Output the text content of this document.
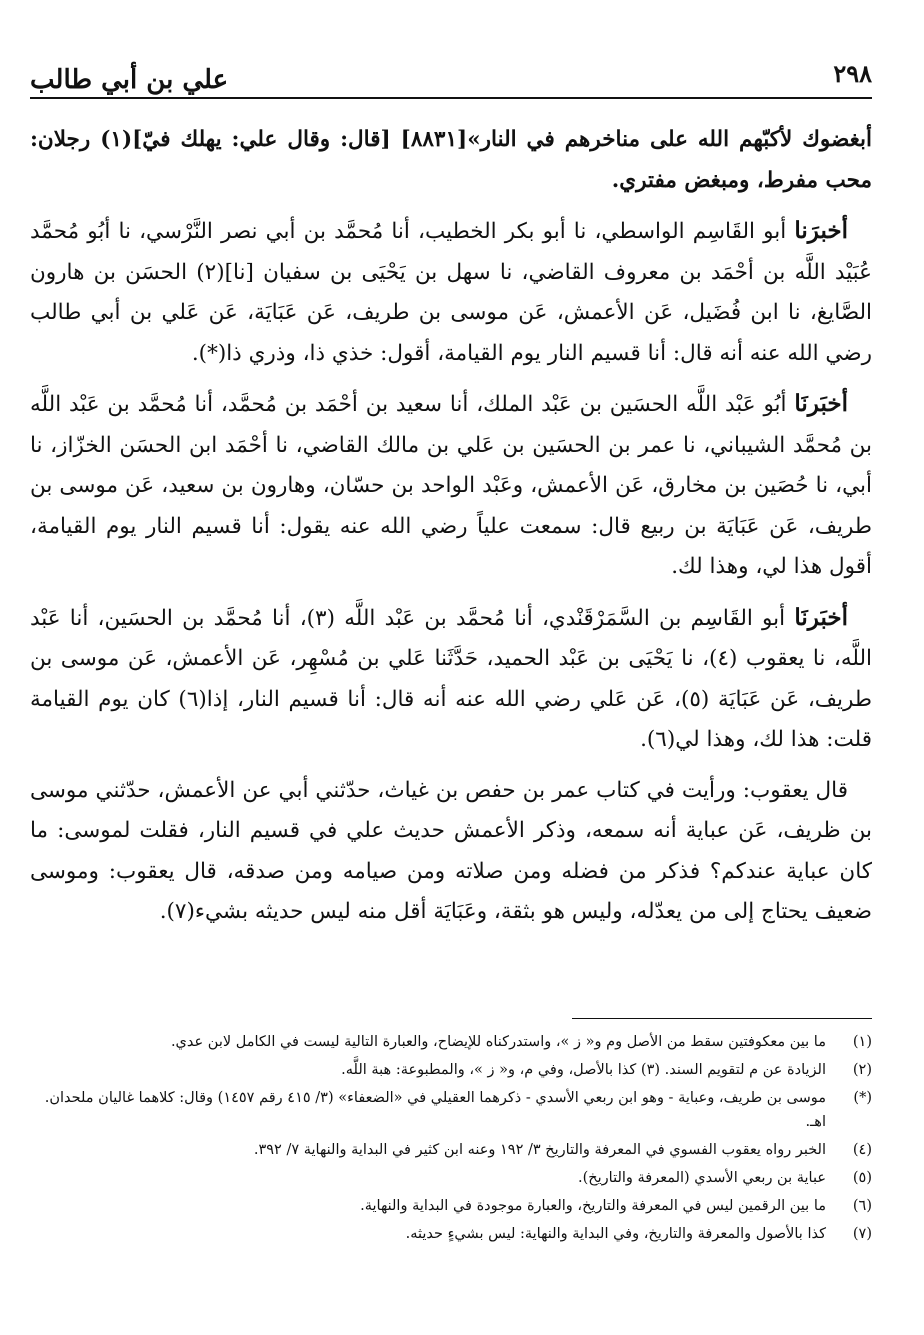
٢٩٨
علي بن أبي طالب

أبغضوك لأكبّهم الله على مناخرهم في النار»[٨٨٣١] [قال: وقال علي: يهلك فيّ](١) رجلان: محب مفرط، ومبغض مفتري.

أخبرَنا أبو القَاسِم الواسطي، نا أبو بكر الخطيب، أنا مُحمَّد بن أبي نصر النَّرْسي، نا أبُو مُحمَّد عُبَيْد اللَّه بن أحْمَد بن معروف القاضي، نا سهل بن يَحْيَى بن سفيان [نا](٢) الحسَن بن هارون الصَّايغ، نا ابن فُضَيل، عَن الأعمش، عَن موسى بن طريف، عَن عَبَايَة، عَن عَلي بن أبي طالب رضي الله عنه أنه قال: أنا قسيم النار يوم القيامة، أقول: خذي ذا، وذري ذا(*).

أخبَرنَا أبُو عَبْد اللَّه الحسَين بن عَبْد الملك، أنا سعيد بن أحْمَد بن مُحمَّد، أنا مُحمَّد بن عَبْد اللَّه بن مُحمَّد الشيباني، نا عمر بن الحسَين بن عَلي بن مالك القاضي، نا أحْمَد ابن الحسَن الخزّاز، نا أبي، نا حُصَين بن مخارق، عَن الأعمش، وعَبْد الواحد بن حسّان، وهارون بن سعيد، عَن موسى بن طريف، عَن عَبَايَة بن ربيع قال: سمعت علياً رضي الله عنه يقول: أنا قسيم النار يوم القيامة، أقول هذا لي، وهذا لك.

أخبَرنَا أبو القَاسِم بن السَّمَرْقَنْدي، أنا مُحمَّد بن عَبْد اللَّه (٣)، أنا مُحمَّد بن الحسَين، أنا عَبْد اللَّه، نا يعقوب (٤)، نا يَحْيَى بن عَبْد الحميد، حَدَّثَنا عَلي بن مُسْهِر، عَن الأعمش، عَن موسى بن طريف، عَن عَبَايَة (٥)، عَن عَلي رضي الله عنه أنه قال: أنا قسيم النار، إذا(٦) كان يوم القيامة قلت: هذا لك، وهذا لي(٦).

قال يعقوب: ورأيت في كتاب عمر بن حفص بن غياث، حدّثني أبي عن الأعمش، حدّثني موسى بن ظريف، عَن عباية أنه سمعه، وذكر الأعمش حديث علي في قسيم النار، فقلت لموسى: ما كان عباية عندكم؟ فذكر من فضله ومن صلاته ومن صيامه ومن صدقه، قال يعقوب: وموسى ضعيف يحتاج إلى من يعدّله، وليس هو بثقة، وعَبَايَة أقل منه ليس حديثه بشيء(٧).

(١)
ما بين معكوفتين سقط من الأصل وم و« ز »، واستدركناه للإيضاح، والعبارة التالية ليست في الكامل لابن عدي.
(٢)
الزيادة عن م لتقويم السند. (٣) كذا بالأصل، وفي م، و« ز »، والمطبوعة: هبة اللَّه.
(*)
موسى بن طريف، وعباية - وهو ابن ربعي الأسدي - ذكرهما العقيلي في «الضعفاء» (٣/ ٤١٥ رقم ١٤٥٧) وقال: كلاهما غاليان ملحدان. اهـ.
(٤)
الخبر رواه يعقوب الفسوي في المعرفة والتاريخ ٣/ ١٩٢ وعنه ابن كثير في البداية والنهاية ٧/ ٣٩٢.
(٥)
عباية بن ربعي الأسدي (المعرفة والتاريخ).
(٦)
ما بين الرقمين ليس في المعرفة والتاريخ، والعبارة موجودة في البداية والنهاية.
(٧)
كذا بالأصول والمعرفة والتاريخ، وفي البداية والنهاية: ليس بشيءٍ حديثه.
